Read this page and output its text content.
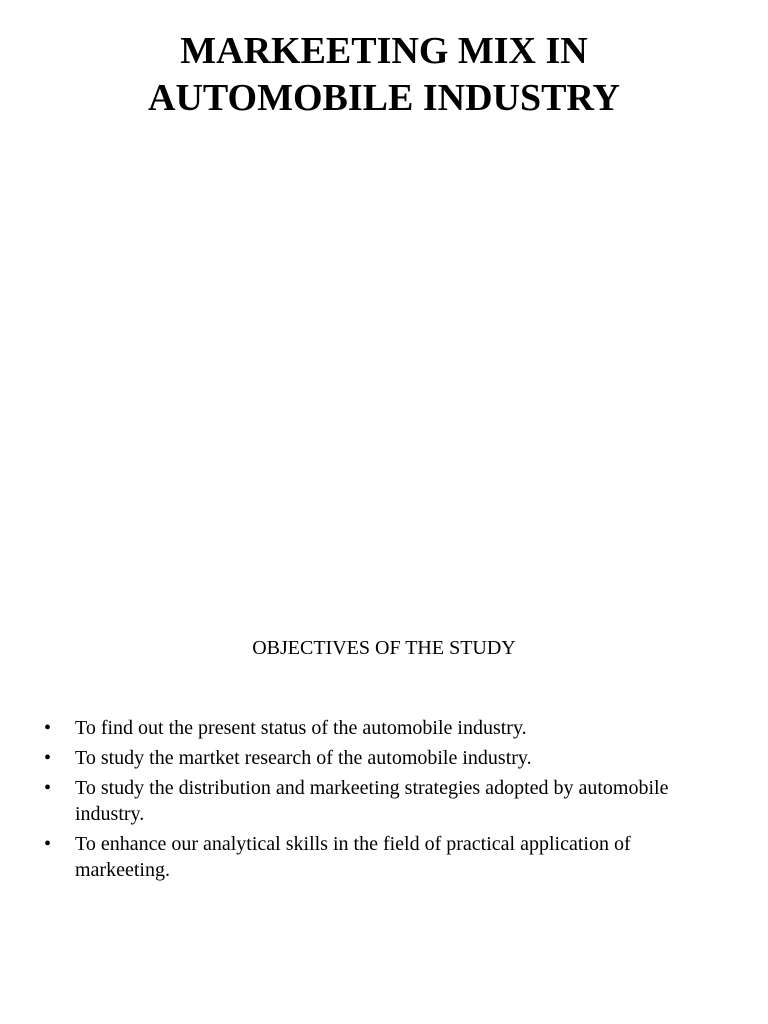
MARKEETING MIX IN
AUTOMOBILE INDUSTRY
OBJECTIVES OF THE STUDY
• To find out the present status of the automobile industry.
• To study the martket research of the automobile industry.
• To study the distribution and markeeting strategies adopted by automobile industry.
• To enhance our analytical skills in the field of practical application of markeeting.
